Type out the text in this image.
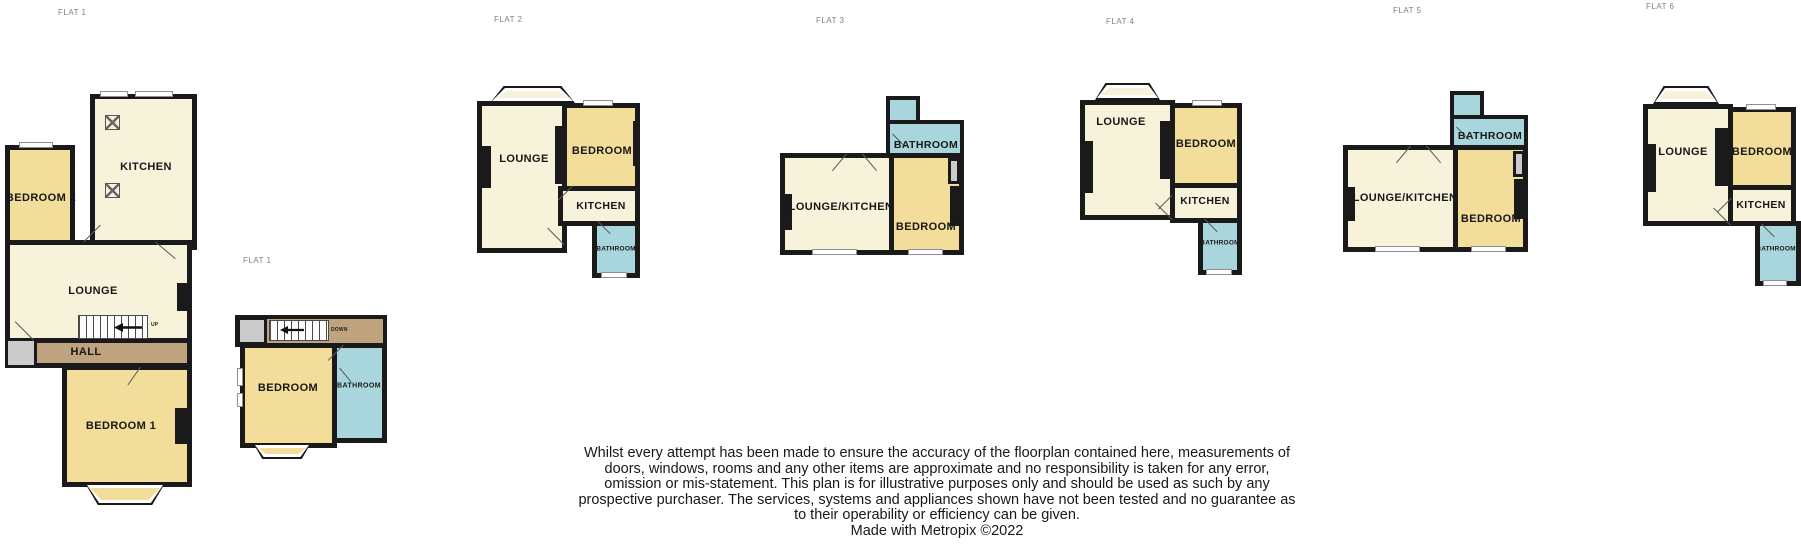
FLAT 1
FLAT 1
FLAT 2	FLAT 3	FLAT 4
FLAT 5	FLAT 6
UP
KITCHEN
BEDROOM 2
LOUNGE
HALL
BEDROOM 1
DOWN
BEDROOM	BATHROOM
LOUNGE
BEDROOM
KITCHEN
BATHROOM
BATHROOM
LOUNGE/KITCHEN
BEDROOM
LOUNGE
BEDROOM
KITCHEN
BATHROOM
BATHROOM
LOUNGE/KITCHEN
BEDROOM
LOUNGE BEDROOM
KITCHEN
BATHROOM

Whilst every attempt has been made to ensure the accuracy of the floorplan contained here, measurements of doors, windows, rooms and any other items are approximate and no responsibility is taken for any error, omission or mis-statement. This plan is for illustrative purposes only and should be used as such by any prospective purchaser. The services, systems and appliances shown have not been tested and no guarantee as to their operability or efficiency can be given.

Made with Metropix ©2022
